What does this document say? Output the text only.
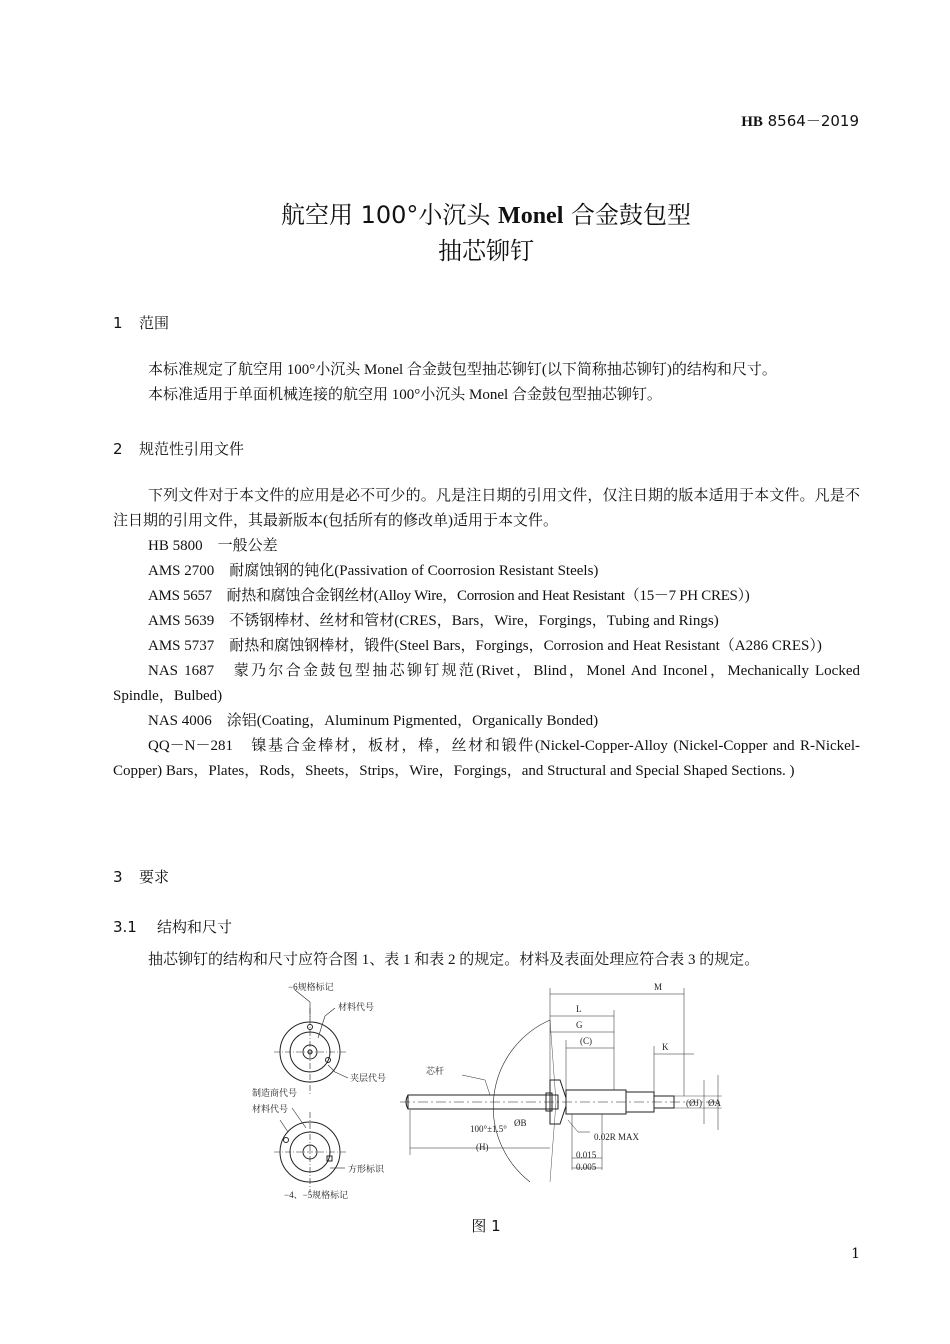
HB 8564－2019
航空用 100°小沉头 Monel 合金鼓包型
抽芯铆钉
1 范围
本标准规定了航空用 100°小沉头 Monel 合金鼓包型抽芯铆钉(以下简称抽芯铆钉)的结构和尺寸。
本标准适用于单面机械连接的航空用 100°小沉头 Monel 合金鼓包型抽芯铆钉。
2 规范性引用文件
下列文件对于本文件的应用是必不可少的。凡是注日期的引用文件，仅注日期的版本适用于本文件。凡是不注日期的引用文件，其最新版本(包括所有的修改单)适用于本文件。
HB 5800　一般公差
AMS 2700　耐腐蚀钢的钝化(Passivation of Coorrosion Resistant Steels)
AMS 5657　耐热和腐蚀合金钢丝材(Alloy Wire，Corrosion and Heat Resistant（15－7 PH CRES）)
AMS 5639　不锈钢棒材、丝材和管材(CRES，Bars，Wire，Forgings，Tubing and Rings)
AMS 5737　耐热和腐蚀钢棒材，锻件(Steel Bars，Forgings，Corrosion and Heat Resistant（A286 CRES）)
NAS 1687　蒙乃尔合金鼓包型抽芯铆钉规范(Rivet，Blind，Monel And Inconel，Mechanically Locked Spindle，Bulbed)
NAS 4006　涂铝(Coating，Aluminum Pigmented，Organically Bonded)
QQ－N－281　镍基合金棒材，板材，棒，丝材和锻件(Nickel-Copper-Alloy (Nickel-Copper and R-Nickel-Copper) Bars，Plates，Rods，Sheets，Strips，Wire，Forgings，and Structural and Special Shaped Sections. )
3 要求
3.1 结构和尺寸
抽芯铆钉的结构和尺寸应符合图 1、表 1 和表 2 的规定。材料及表面处理应符合表 3 的规定。
−6规格标记
材料代号
夹层代号
制造商代号
材料代号
方形标识
−4、−5规格标记
芯杆
100°±1.5°
ØB
(H)
M
L
G
(C)
K
(ØJ) ØA
0.02R MAX
0.015
0.005
图 1
1
